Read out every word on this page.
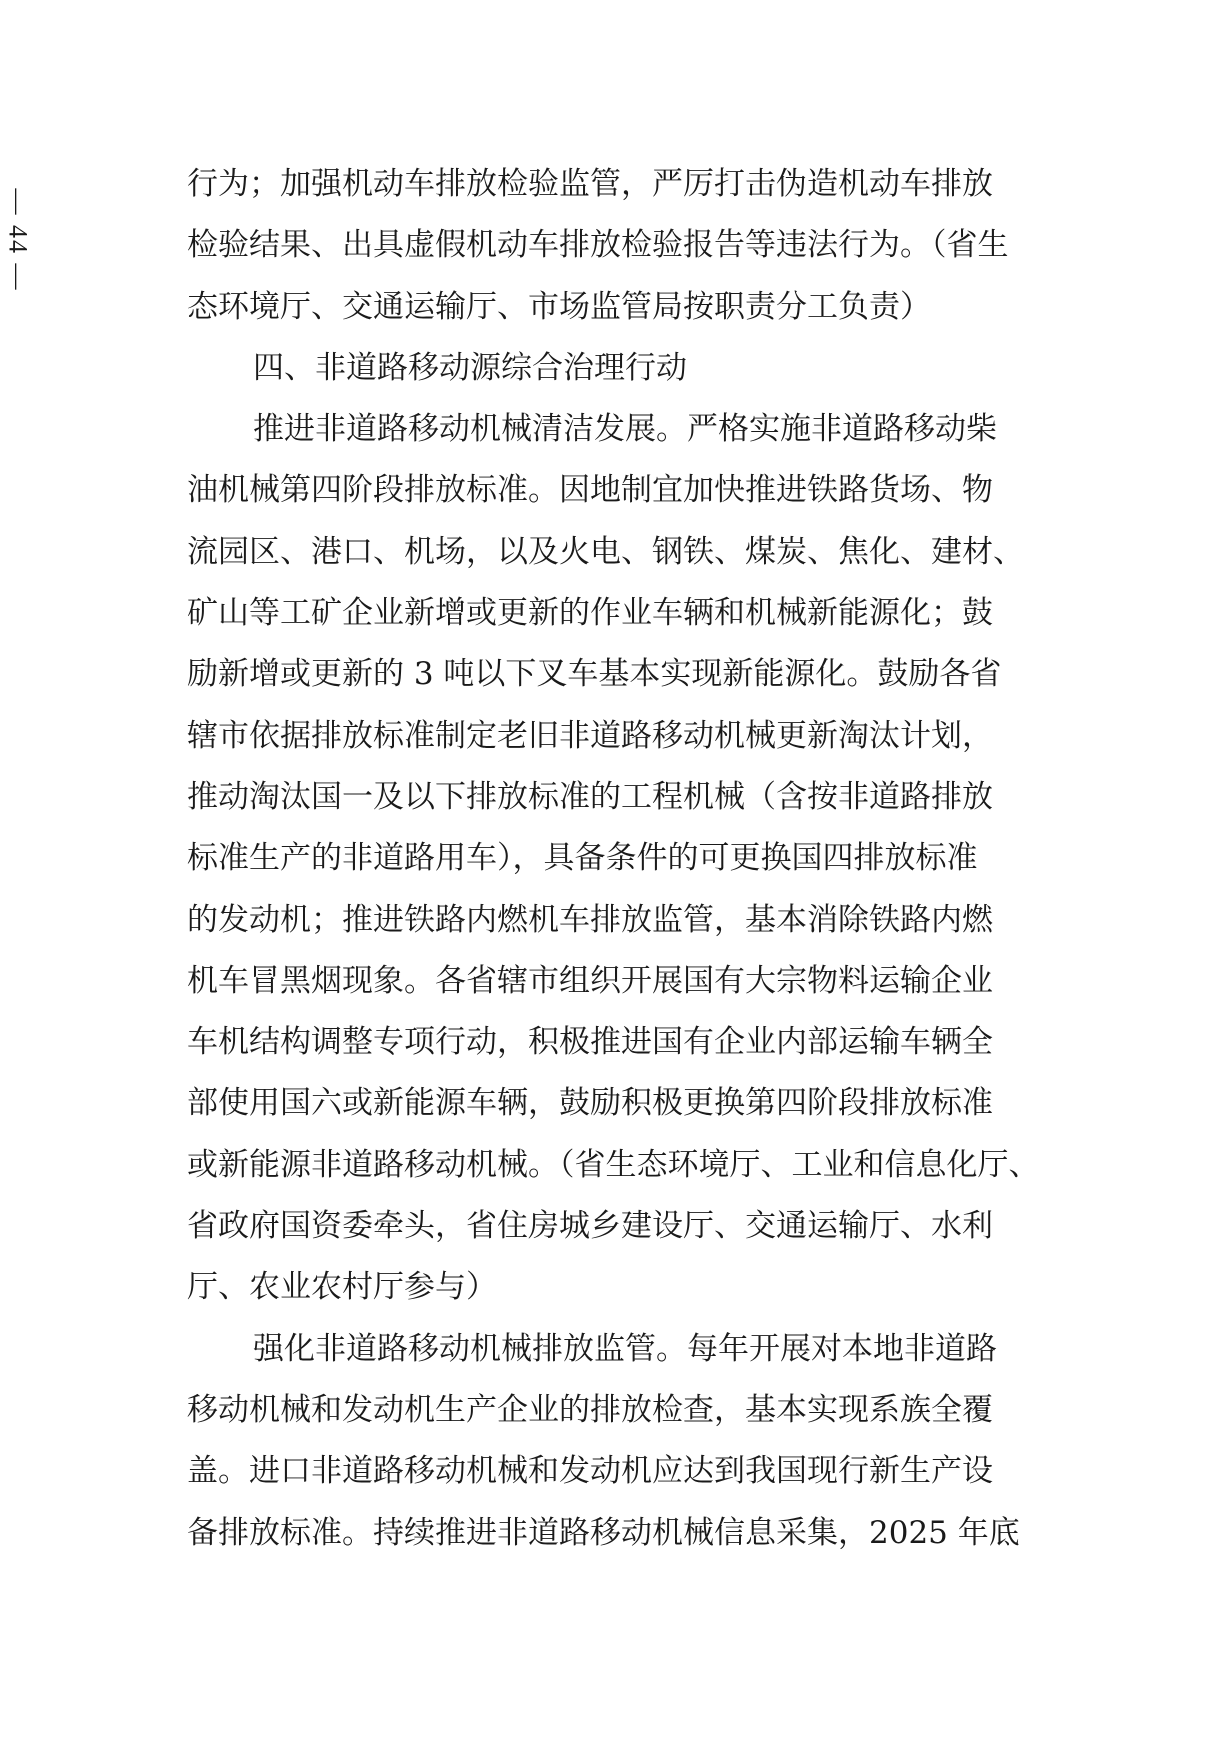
— 44 —
行为；加强机动车排放检验监管，严厉打击伪造机动车排放
检验结果、出具虚假机动车排放检验报告等违法行为。（省生
态环境厅、交通运输厅、市场监管局按职责分工负责）
四、非道路移动源综合治理行动
推进非道路移动机械清洁发展。严格实施非道路移动柴
油机械第四阶段排放标准。因地制宜加快推进铁路货场、物
流园区、港口、机场，以及火电、钢铁、煤炭、焦化、建材、
矿山等工矿企业新增或更新的作业车辆和机械新能源化；鼓
励新增或更新的 3 吨以下叉车基本实现新能源化。鼓励各省
辖市依据排放标准制定老旧非道路移动机械更新淘汰计划，
推动淘汰国一及以下排放标准的工程机械（含按非道路排放
标准生产的非道路用车），具备条件的可更换国四排放标准
的发动机；推进铁路内燃机车排放监管，基本消除铁路内燃
机车冒黑烟现象。各省辖市组织开展国有大宗物料运输企业
车机结构调整专项行动，积极推进国有企业内部运输车辆全
部使用国六或新能源车辆，鼓励积极更换第四阶段排放标准
或新能源非道路移动机械。（省生态环境厅、工业和信息化厅、
省政府国资委牵头，省住房城乡建设厅、交通运输厅、水利
厅、农业农村厅参与）
强化非道路移动机械排放监管。每年开展对本地非道路
移动机械和发动机生产企业的排放检查，基本实现系族全覆
盖。进口非道路移动机械和发动机应达到我国现行新生产设
备排放标准。持续推进非道路移动机械信息采集，2025 年底
